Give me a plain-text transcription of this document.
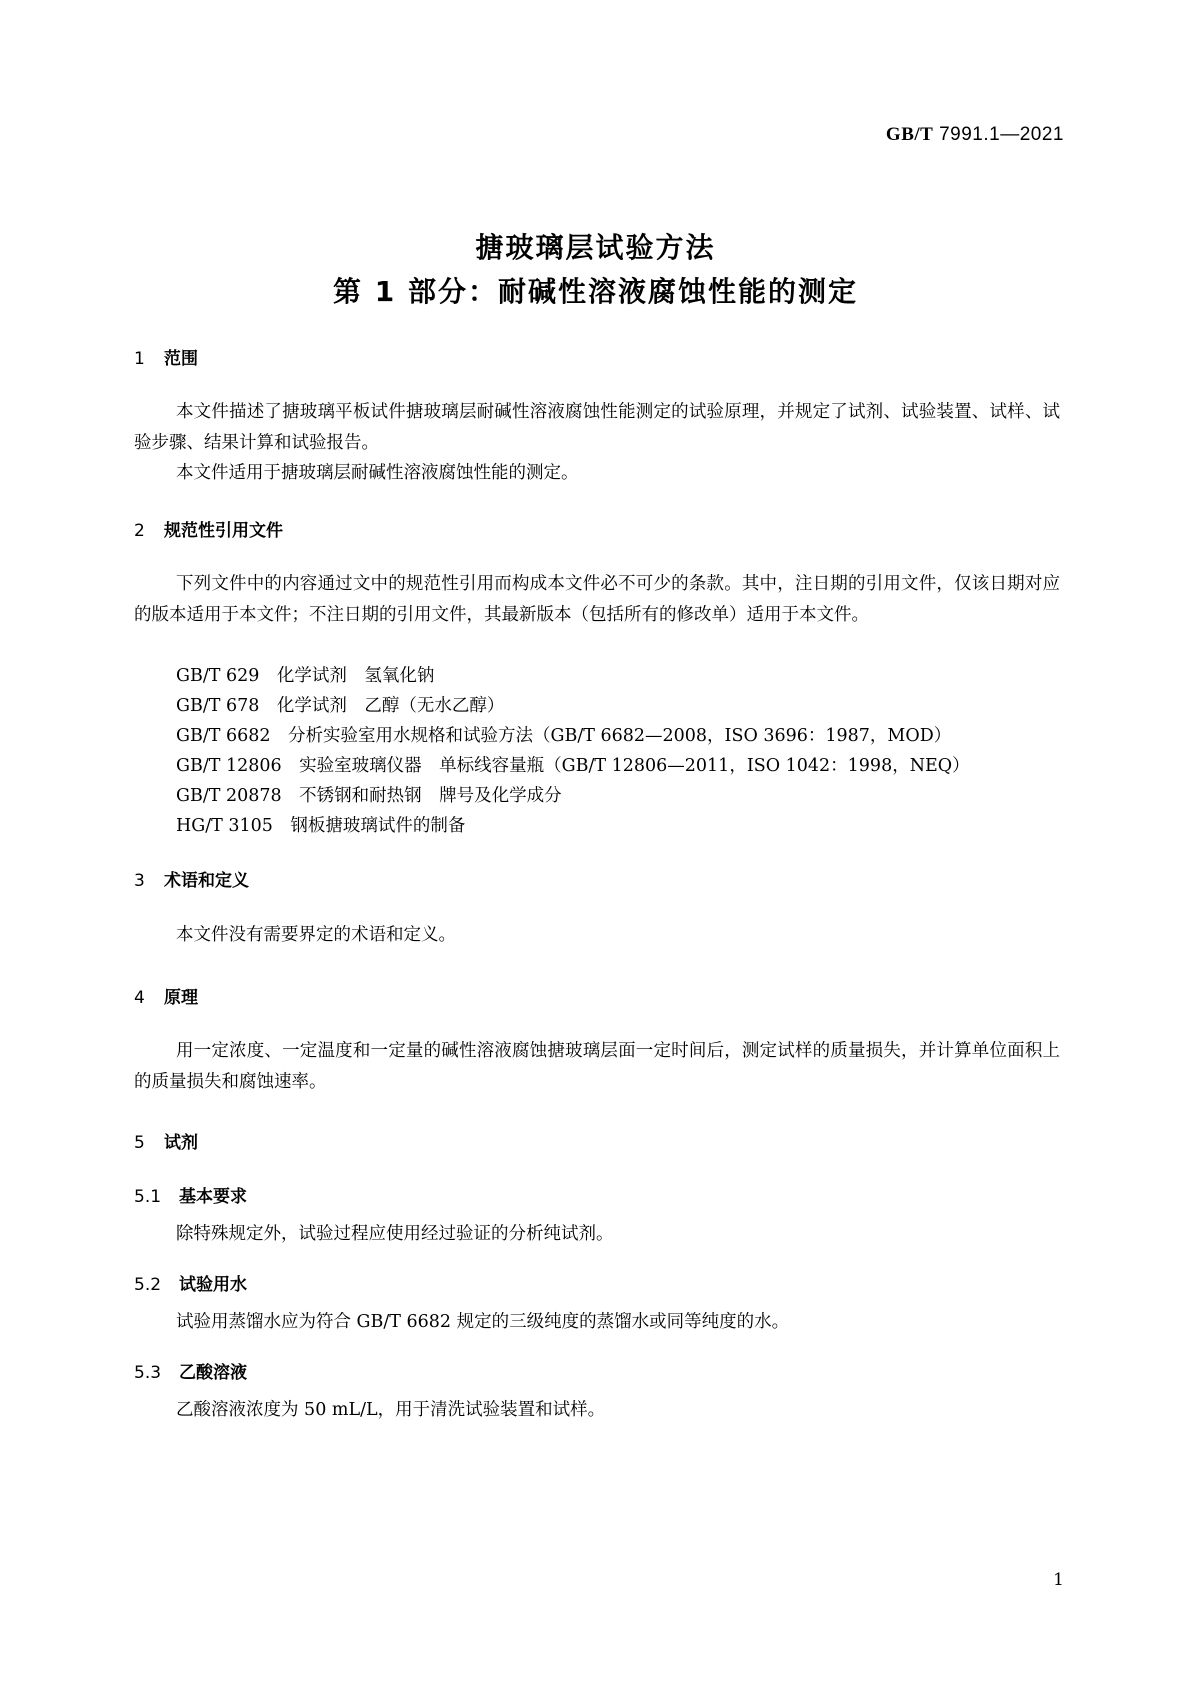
GB/T 7991.1—2021
搪玻璃层试验方法
第 1 部分：耐碱性溶液腐蚀性能的测定
1 范围
本文件描述了搪玻璃平板试件搪玻璃层耐碱性溶液腐蚀性能测定的试验原理，并规定了试剂、试验装置、试样、试验步骤、结果计算和试验报告。
本文件适用于搪玻璃层耐碱性溶液腐蚀性能的测定。
2 规范性引用文件
下列文件中的内容通过文中的规范性引用而构成本文件必不可少的条款。其中，注日期的引用文件，仅该日期对应的版本适用于本文件；不注日期的引用文件，其最新版本（包括所有的修改单）适用于本文件。
GB/T 629　化学试剂　氢氧化钠
GB/T 678　化学试剂　乙醇（无水乙醇）
GB/T 6682　分析实验室用水规格和试验方法（GB/T 6682—2008，ISO 3696：1987，MOD）
GB/T 12806　实验室玻璃仪器　单标线容量瓶（GB/T 12806—2011，ISO 1042：1998，NEQ）
GB/T 20878　不锈钢和耐热钢　牌号及化学成分
HG/T 3105　钢板搪玻璃试件的制备
3 术语和定义
本文件没有需要界定的术语和定义。
4 原理
用一定浓度、一定温度和一定量的碱性溶液腐蚀搪玻璃层面一定时间后，测定试样的质量损失，并计算单位面积上的质量损失和腐蚀速率。
5 试剂
5.1 基本要求
除特殊规定外，试验过程应使用经过验证的分析纯试剂。
5.2 试验用水
试验用蒸馏水应为符合 GB/T 6682 规定的三级纯度的蒸馏水或同等纯度的水。
5.3 乙酸溶液
乙酸溶液浓度为 50 mL/L，用于清洗试验装置和试样。
1
